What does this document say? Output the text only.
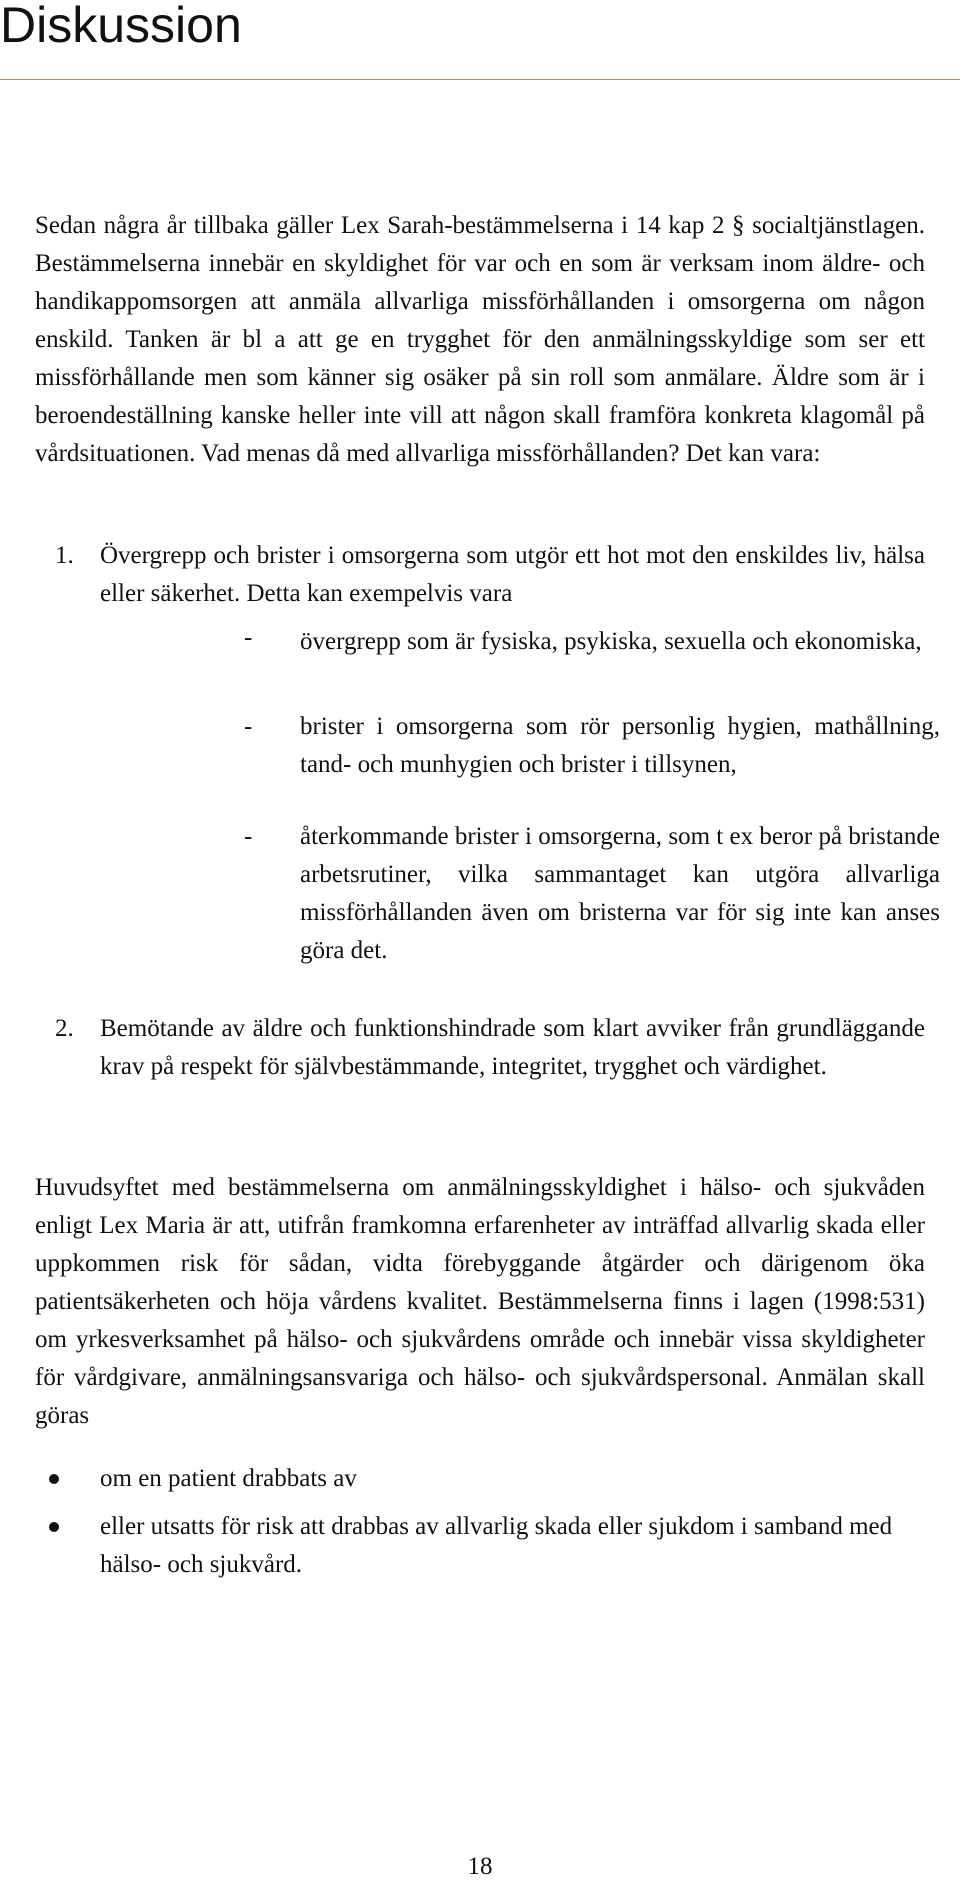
Diskussion

Sedan några år tillbaka gäller Lex Sarah-bestämmelserna i 14 kap 2 § socialtjänstlagen. Bestämmelserna innebär en skyldighet för var och en som är verksam inom äldre- och handikappomsorgen att anmäla allvarliga missförhållanden i omsorgerna om någon enskild. Tanken är bl a att ge en trygghet för den anmälningsskyldige som ser ett missförhållande men som känner sig osäker på sin roll som anmälare. Äldre som är i beroendeställning kanske heller inte vill att någon skall framföra konkreta klagomål på vårdsituationen. Vad menas då med allvarliga missförhållanden? Det kan vara:

1. Övergrepp och brister i omsorgerna som utgör ett hot mot den enskildes liv, hälsa eller säkerhet. Detta kan exempelvis vara
- övergrepp som är fysiska, psykiska, sexuella och ekonomiska,
- brister i omsorgerna som rör personlig hygien, mathållning, tand- och munhygien och brister i tillsynen,
- återkommande brister i omsorgerna, som t ex beror på bristande arbetsrutiner, vilka sammantaget kan utgöra allvarliga missförhållanden även om bristerna var för sig inte kan anses göra det.
2. Bemötande av äldre och funktionshindrade som klart avviker från grundläggande krav på respekt för självbestämmande, integritet, trygghet och värdighet.

Huvudsyftet med bestämmelserna om anmälningsskyldighet i hälso- och sjukvåden enligt Lex Maria är att, utifrån framkomna erfarenheter av inträffad allvarlig skada eller uppkommen risk för sådan, vidta förebyggande åtgärder och därigenom öka patientsäkerheten och höja vårdens kvalitet. Bestämmelserna finns i lagen (1998:531) om yrkesverksamhet på hälso- och sjukvårdens område och innebär vissa skyldigheter för vårdgivare, anmälningsansvariga och hälso- och sjukvårdspersonal. Anmälan skall göras

om en patient drabbats av
eller utsatts för risk att drabbas av allvarlig skada eller sjukdom i samband med hälso- och sjukvård.
18
